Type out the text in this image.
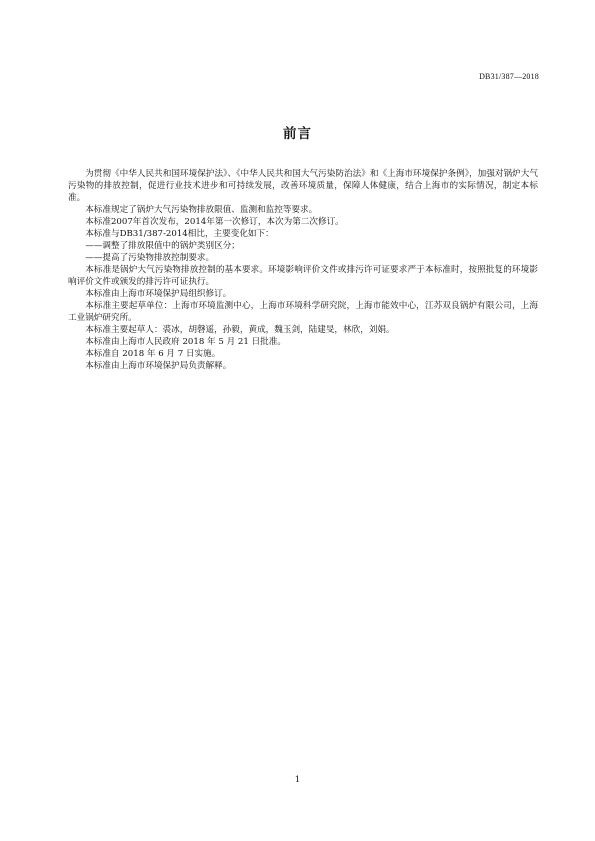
DB31/387—2018
前言

为贯彻《中华人民共和国环境保护法》、《中华人民共和国大气污染防治法》和《上海市环境保护条例》，加强对锅炉大气污染物的排放控制，促进行业技术进步和可持续发展，改善环境质量，保障人体健康，结合上海市的实际情况，制定本标准。

本标准规定了锅炉大气污染物排放限值、监测和监控等要求。

本标准2007年首次发布，2014年第一次修订，本次为第二次修订。

本标准与DB31/387-2014相比，主要变化如下：

——调整了排放限值中的锅炉类别区分；

——提高了污染物排放控制要求。

本标准是锅炉大气污染物排放控制的基本要求。环境影响评价文件或排污许可证要求严于本标准时，按照批复的环境影响评价文件或颁发的排污许可证执行。

本标准由上海市环境保护局组织修订。

本标准主要起草单位：上海市环境监测中心，上海市环境科学研究院，上海市能效中心，江苏双良锅炉有限公司，上海工业锅炉研究所。

本标准主要起草人：裘冰，胡磬遥，孙毅，黄成，魏玉剑，陆建旻，林欣，刘娟。

本标准由上海市人民政府 2018 年 5 月 21 日批准。

本标准自 2018 年 6 月 7 日实施。

本标准由上海市环境保护局负责解释。

1
